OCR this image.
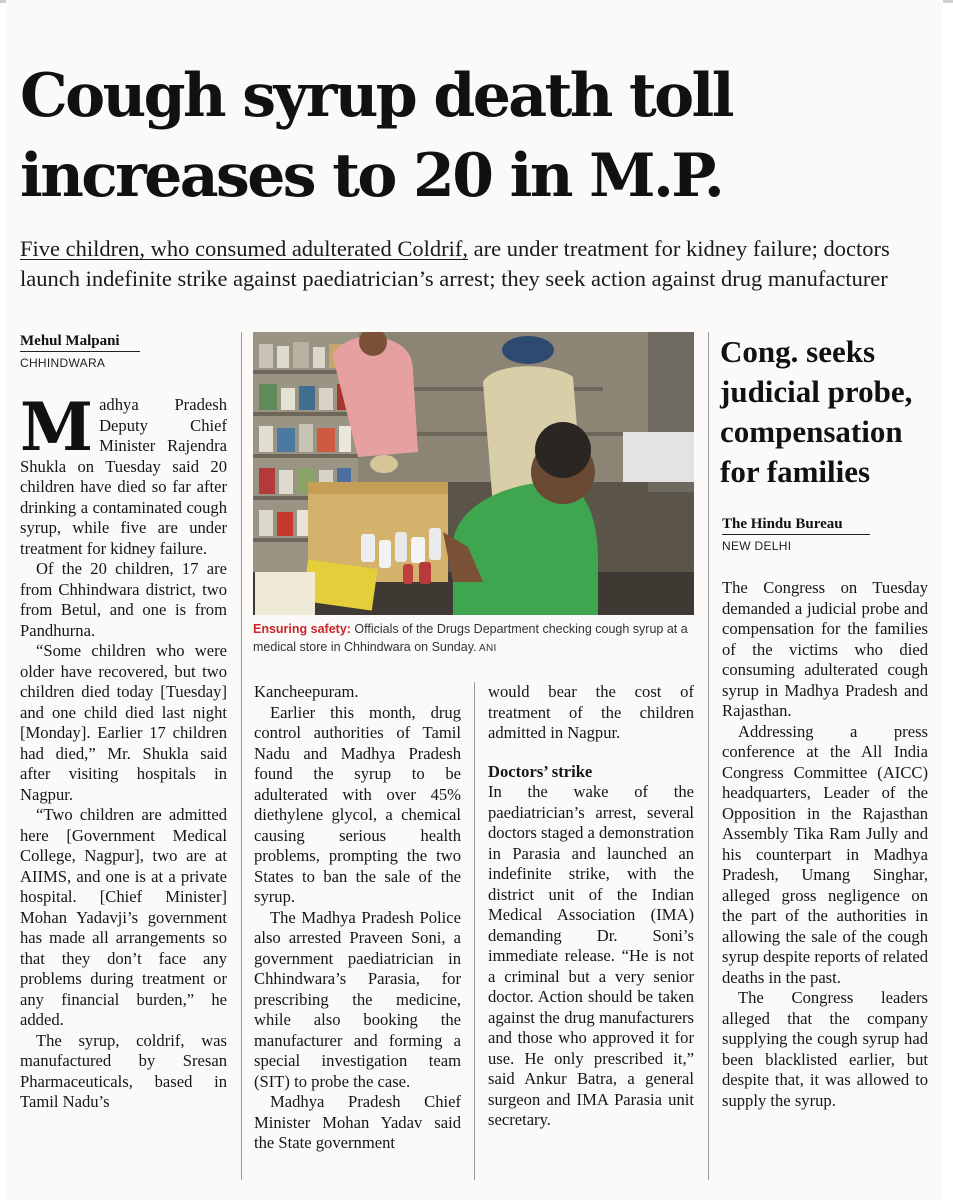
Cough syrup death toll
increases to 20 in M.P.

Five children, who consumed adulterated Coldrif, are under treatment for kidney failure; doctors launch indefinite strike against paediatrician’s arrest; they seek action against drug manufacturer

Mehul Malpani
CHHINDWARA

Madhya Pradesh Deputy Chief Minister Rajendra Shukla on Tuesday said 20 children have died so far after drinking a contaminated cough syrup, while five are under treatment for kidney failure.

Of the 20 children, 17 are from Chhindwara district, two from Betul, and one is from Pandhurna.

“Some children who were older have recovered, but two children died today [Tuesday] and one child died last night [Monday]. Earlier 17 children had died,” Mr. Shukla said after visiting hospitals in Nagpur.

“Two children are admitted here [Government Medical College, Nagpur], two are at AIIMS, and one is at a private hospital. [Chief Minister] Mohan Yadavji’s government has made all arrangements so that they don’t face any problems during treatment or any financial burden,” he added.

The syrup, coldrif, was manufactured by Sresan Pharmaceuticals, based in Tamil Nadu’s

Ensuring safety: Officials of the Drugs Department checking cough syrup at a medical store in Chhindwara on Sunday. ANI

Kancheepuram.

Earlier this month, drug control authorities of Tamil Nadu and Madhya Pradesh found the syrup to be adulterated with over 45% diethylene glycol, a chemical causing serious health problems, prompting the two States to ban the sale of the syrup.

The Madhya Pradesh Police also arrested Praveen Soni, a government paediatrician in Chhindwara’s Parasia, for prescribing the medicine, while also booking the manufacturer and forming a special investigation team (SIT) to probe the case.

Madhya Pradesh Chief Minister Mohan Yadav said the State government

would bear the cost of treatment of the children admitted in Nagpur.

Doctors’ strike

In the wake of the paediatrician’s arrest, several doctors staged a demonstration in Parasia and launched an indefinite strike, with the district unit of the Indian Medical Association (IMA) demanding Dr. Soni’s immediate release. “He is not a criminal but a very senior doctor. Action should be taken against the drug manufacturers and those who approved it for use. He only prescribed it,” said Ankur Batra, a general surgeon and IMA Parasia unit secretary.

Cong. seeks judicial probe, compensation for families
The Hindu Bureau
NEW DELHI

The Congress on Tuesday demanded a judicial probe and compensation for the families of the victims who died consuming adulterated cough syrup in Madhya Pradesh and Rajasthan.

Addressing a press conference at the All India Congress Committee (AICC) headquarters, Leader of the Opposition in the Rajasthan Assembly Tika Ram Jully and his counterpart in Madhya Pradesh, Umang Singhar, alleged gross negligence on the part of the authorities in allowing the sale of the cough syrup despite reports of related deaths in the past.

The Congress leaders alleged that the company supplying the cough syrup had been blacklisted earlier, but despite that, it was allowed to supply the syrup.
